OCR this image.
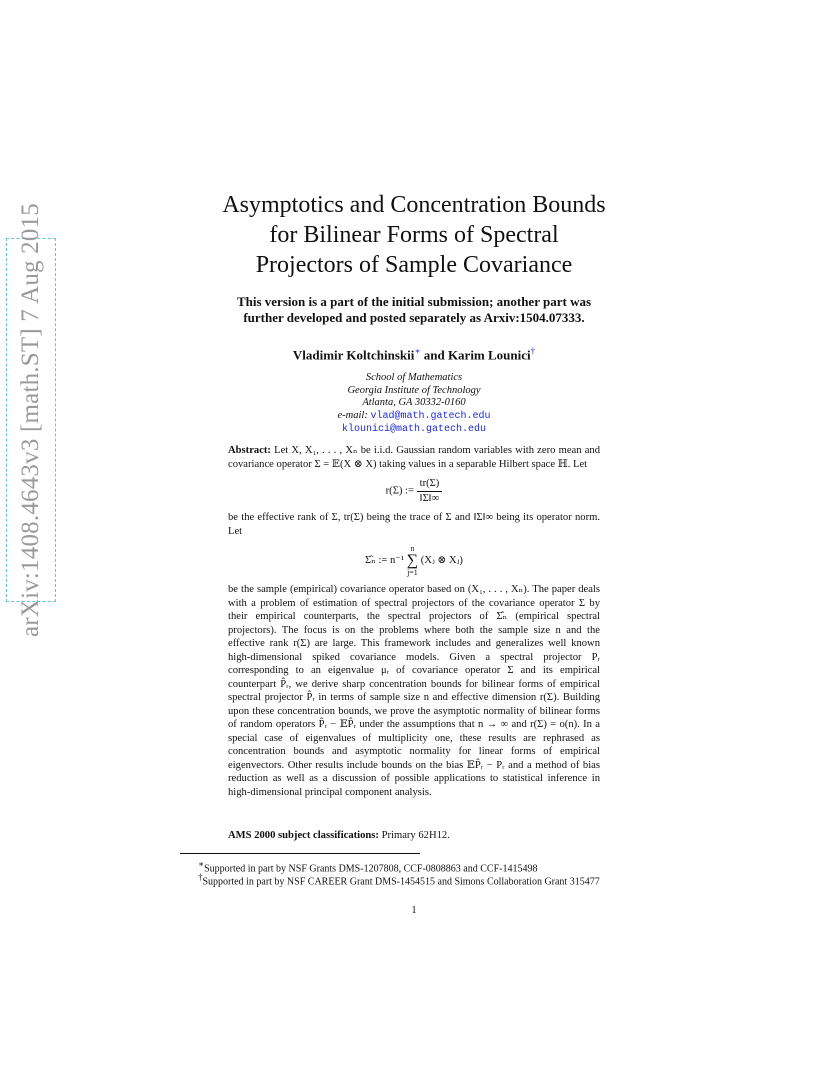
arXiv:1408.4643v3 [math.ST] 7 Aug 2015	Asymptotics and Concentration Bounds
for Bilinear Forms of Spectral
Projectors of Sample Covariance
This version is a part of the initial submission; another part was
further developed and posted separately as Arxiv:1504.07333.
Vladimir Koltchinskii∗ and Karim Lounici†
School of Mathematics
Georgia Institute of Technology
Atlanta, GA 30332-0160
e-mail: vlad@math.gatech.edu
klounici@math.gatech.edu

Abstract: Let X, X₁, . . . , Xₙ be i.i.d. Gaussian random variables with zero mean and covariance operator Σ = 𝔼(X ⊗ X) taking values in a separable Hilbert space ℍ. Let

r(Σ) := $\frac{tr(\Sigma)}{‖\Sigma‖\infty}$

be the effective rank of Σ, tr(Σ) being the trace of Σ and ‖Σ‖∞ being its operator norm. Let

Σ̂ₙ := n⁻¹
n
∑
j=1
(Xⱼ ⊗ Xⱼ)

be the sample (empirical) covariance operator based on (X₁, . . . , Xₙ). The paper deals with a problem of estimation of spectral projectors of the covariance operator Σ by their empirical counterparts, the spectral projectors of Σ̂ₙ (empirical spectral projectors). The focus is on the problems where both the sample size n and the effective rank r(Σ) are large. This framework includes and generalizes well known high-dimensional spiked covariance models. Given a spectral projector Pᵣ corresponding to an eigenvalue μᵣ of covariance operator Σ and its empirical counterpart P̂ᵣ, we derive sharp concentration bounds for bilinear forms of empirical spectral projector P̂ᵣ in terms of sample size n and effective dimension r(Σ). Building upon these concentration bounds, we prove the asymptotic normality of bilinear forms of random operators P̂ᵣ − 𝔼P̂ᵣ under the assumptions that n → ∞ and r(Σ) = o(n). In a special case of eigenvalues of multiplicity one, these results are rephrased as concentration bounds and asymptotic normality for linear forms of empirical eigenvectors. Other results include bounds on the bias 𝔼P̂ᵣ − Pᵣ and a method of bias reduction as well as a discussion of possible applications to statistical inference in high-dimensional principal component analysis.

AMS 2000 subject classifications: Primary 62H12.
∗Supported in part by NSF Grants DMS-1207808, CCF-0808863 and CCF-1415498
†Supported in part by NSF CAREER Grant DMS-1454515 and Simons Collaboration Grant 315477
1
